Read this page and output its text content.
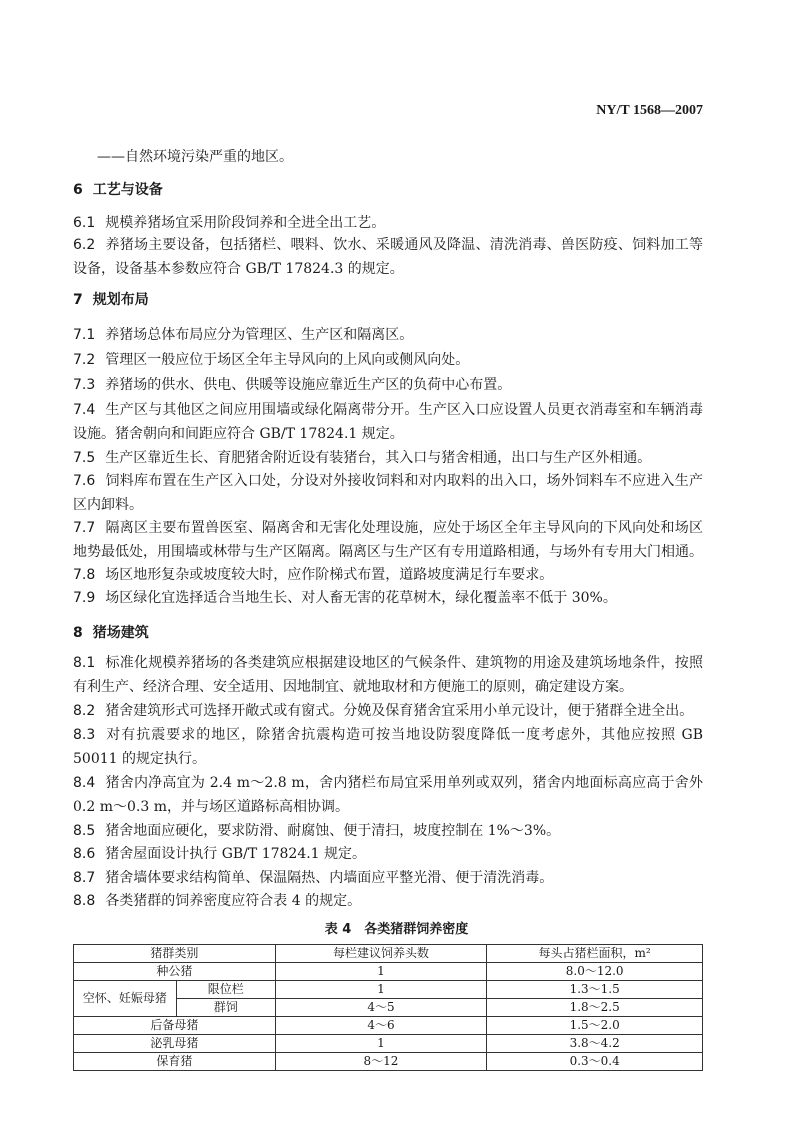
NY/T 1568—2007
——自然环境污染严重的地区。
6 工艺与设备
6.1 规模养猪场宜采用阶段饲养和全进全出工艺。
6.2 养猪场主要设备，包括猪栏、喂料、饮水、采暖通风及降温、清洗消毒、兽医防疫、饲料加工等设备，设备基本参数应符合 GB/T 17824.3 的规定。
7 规划布局
7.1 养猪场总体布局应分为管理区、生产区和隔离区。
7.2 管理区一般应位于场区全年主导风向的上风向或侧风向处。
7.3 养猪场的供水、供电、供暖等设施应靠近生产区的负荷中心布置。
7.4 生产区与其他区之间应用围墙或绿化隔离带分开。生产区入口应设置人员更衣消毒室和车辆消毒设施。猪舍朝向和间距应符合 GB/T 17824.1 规定。
7.5 生产区靠近生长、育肥猪舍附近设有装猪台，其入口与猪舍相通，出口与生产区外相通。
7.6 饲料库布置在生产区入口处，分设对外接收饲料和对内取料的出入口，场外饲料车不应进入生产区内卸料。
7.7 隔离区主要布置兽医室、隔离舍和无害化处理设施，应处于场区全年主导风向的下风向处和场区地势最低处，用围墙或林带与生产区隔离。隔离区与生产区有专用道路相通，与场外有专用大门相通。
7.8 场区地形复杂或坡度较大时，应作阶梯式布置，道路坡度满足行车要求。
7.9 场区绿化宜选择适合当地生长、对人畜无害的花草树木，绿化覆盖率不低于 30%。
8 猪场建筑
8.1 标准化规模养猪场的各类建筑应根据建设地区的气候条件、建筑物的用途及建筑场地条件，按照有利生产、经济合理、安全适用、因地制宜、就地取材和方便施工的原则，确定建设方案。
8.2 猪舍建筑形式可选择开敞式或有窗式。分娩及保育猪舍宜采用小单元设计，便于猪群全进全出。
8.3 对有抗震要求的地区，除猪舍抗震构造可按当地设防裂度降低一度考虑外，其他应按照 GB 50011 的规定执行。
8.4 猪舍内净高宜为 2.4 m～2.8 m，舍内猪栏布局宜采用单列或双列，猪舍内地面标高应高于舍外 0.2 m～0.3 m，并与场区道路标高相协调。
8.5 猪舍地面应硬化，要求防滑、耐腐蚀、便于清扫，坡度控制在 1%～3%。
8.6 猪舍屋面设计执行 GB/T 17824.1 规定。
8.7 猪舍墙体要求结构简单、保温隔热、内墙面应平整光滑、便于清洗消毒。
8.8 各类猪群的饲养密度应符合表 4 的规定。
表 4　各类猪群饲养密度
猪群类别		每栏建议饲养头数	每头占猪栏面积，m²
种公猪		1	8.0～12.0
空怀、妊娠母猪	限位栏	1	1.3～1.5
	群饲	4～5	1.8～2.5
后备母猪		4～6	1.5～2.0
泌乳母猪		1	3.8～4.2
保育猪		8～12	0.3～0.4
